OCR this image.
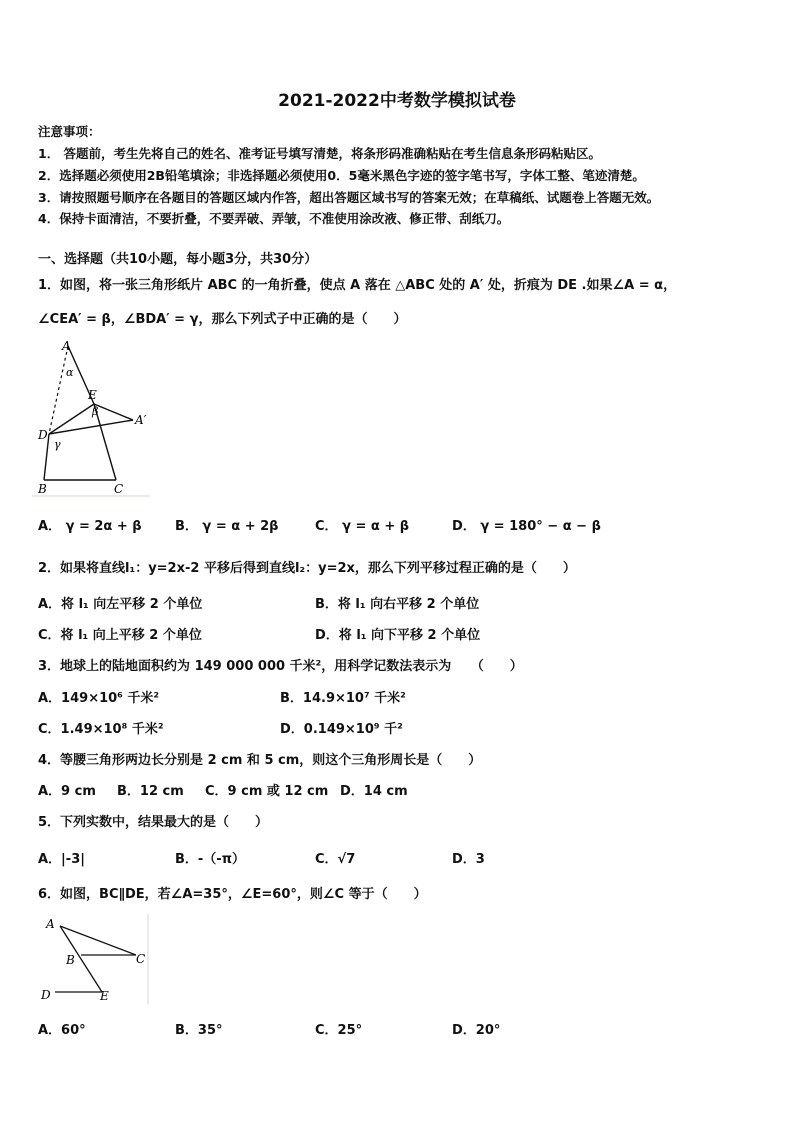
2021-2022中考数学模拟试卷
注意事项：
1． 答题前，考生先将自己的姓名、准考证号填写清楚，将条形码准确粘贴在考生信息条形码粘贴区。
2．选择题必须使用2B铅笔填涂；非选择题必须使用0．5毫米黑色字迹的签字笔书写，字体工整、笔迹清楚。
3．请按照题号顺序在各题目的答题区域内作答，超出答题区域书写的答案无效；在草稿纸、试题卷上答题无效。
4．保持卡面清洁，不要折叠，不要弄破、弄皱，不准使用涂改液、修正带、刮纸刀。
一、选择题（共10小题，每小题3分，共30分）
1．如图，将一张三角形纸片 ABC 的一角折叠，使点 A 落在 △ABC 处的 A′ 处，折痕为 DE .如果∠A = α，
∠CEA′ = β，∠BDA′ = γ，那么下列式子中正确的是（　　）
A
α
E
β
A′
D
γ
B	C
A． γ = 2α + β	B． γ = α + 2β	C． γ = α + β	D． γ = 180° − α − β
2．如果将直线l₁：y=2x-2 平移后得到直线l₂：y=2x，那么下列平移过程正确的是（　　）
A．将 l₁ 向左平移 2 个单位	B．将 l₁ 向右平移 2 个单位
C．将 l₁ 向上平移 2 个单位	D．将 l₁ 向下平移 2 个单位
3．地球上的陆地面积约为 149 000 000 千米²，用科学记数法表示为　　（　　）
A．149×10⁶ 千米²	B．14.9×10⁷ 千米²
C．1.49×10⁸ 千米²	D．0.149×10⁹ 千²
4．等腰三角形两边长分别是 2 cm 和 5 cm，则这个三角形周长是（　　）
A．9 cm B．12 cm C．9 cm 或 12 cm D．14 cm
5．下列实数中，结果最大的是（　　）
A．|-3|	B．-（-π）	C．√7	D．3
6．如图，BC∥DE，若∠A=35°，∠E=60°，则∠C 等于（　　）
A
B	C
D	E
A．60°	B．35°	C．25°	D．20°
